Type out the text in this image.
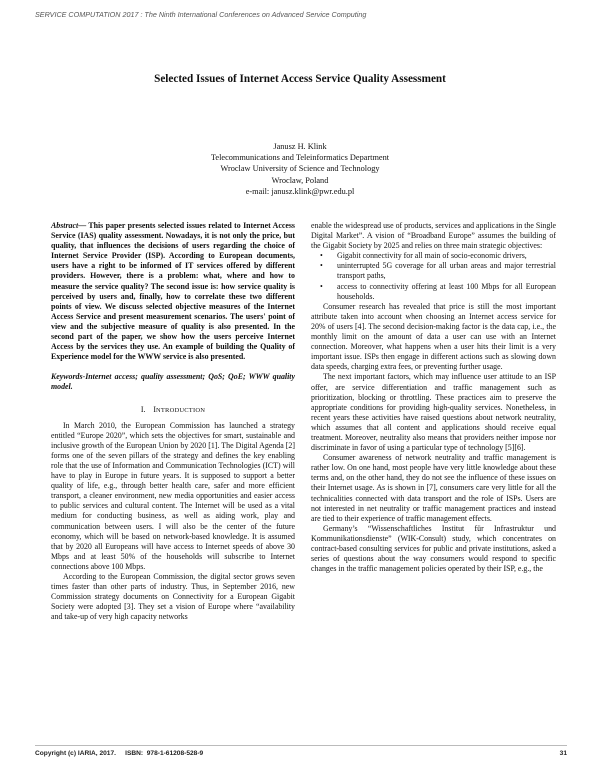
SERVICE COMPUTATION 2017 : The Ninth International Conferences on Advanced Service Computing
Selected Issues of Internet Access Service Quality Assessment
Janusz H. Klink
Telecommunications and Teleinformatics Department
Wroclaw University of Science and Technology
Wroclaw, Poland
e-mail: janusz.klink@pwr.edu.pl

Abstract— This paper presents selected issues related to Internet Access Service (IAS) quality assessment. Nowadays, it is not only the price, but quality, that influences the decisions of users regarding the choice of Internet Service Provider (ISP). According to European documents, users have a right to be informed of IT services offered by different providers. However, there is a problem: what, where and how to measure the service quality? The second issue is: how service quality is perceived by users and, finally, how to correlate these two different points of view. We discuss selected objective measures of the Internet Access Service and present measurement scenarios. The users' point of view and the subjective measure of quality is also presented. In the second part of the paper, we show how the users perceive Internet Access by the services they use. An example of building the Quality of Experience model for the WWW service is also presented.

Keywords-Internet access; quality assessment; QoS; QoE; WWW quality model.

I. INTRODUCTION

In March 2010, the European Commission has launched a strategy entitled “Europe 2020”, which sets the objectives for smart, sustainable and inclusive growth of the European Union by 2020 [1]. The Digital Agenda [2] forms one of the seven pillars of the strategy and defines the key enabling role that the use of Information and Communication Technologies (ICT) will have to play in Europe in future years. It is supposed to support a better quality of life, e.g., through better health care, safer and more efficient transport, a cleaner environment, new media opportunities and easier access to public services and cultural content. The Internet will be used as a vital medium for conducting business, as well as aiding work, play and communication between users. I will also be the center of the future economy, which will be based on network-based knowledge. It is assumed that by 2020 all Europeans will have access to Internet speeds of above 30 Mbps and at least 50% of the households will subscribe to Internet connections above 100 Mbps.

According to the European Commission, the digital sector grows seven times faster than other parts of industry. Thus, in September 2016, new Commission strategy documents on Connectivity for a European Gigabit Society were adopted [3]. They set a vision of Europe where “availability and take-up of very high capacity networks

enable the widespread use of products, services and applications in the Single Digital Market”. A vision of “Broadband Europe” assumes the building of the Gigabit Society by 2025 and relies on three main strategic objectives:

• Gigabit connectivity for all main of socio-economic drivers,
• uninterrupted 5G coverage for all urban areas and major terrestrial transport paths,
• access to connectivity offering at least 100 Mbps for all European households.

Consumer research has revealed that price is still the most important attribute taken into account when choosing an Internet access service for 20% of users [4]. The second decision-making factor is the data cap, i.e., the monthly limit on the amount of data a user can use with an Internet connection. Moreover, what happens when a user hits their limit is a very important issue. ISPs then engage in different actions such as slowing down data speeds, charging extra fees, or preventing further usage.

The next important factors, which may influence user attitude to an ISP offer, are service differentiation and traffic management such as prioritization, blocking or throttling. These practices aim to preserve the appropriate conditions for providing high-quality services. Nonetheless, in recent years these activities have raised questions about network neutrality, which assumes that all content and applications should receive equal treatment. Moreover, neutrality also means that providers neither impose nor discriminate in favor of using a particular type of technology [5][6].

Consumer awareness of network neutrality and traffic management is rather low. On one hand, most people have very little knowledge about these terms and, on the other hand, they do not see the influence of these issues on their Internet usage. As is shown in [7], consumers care very little for all the technicalities connected with data transport and the role of ISPs. Users are not interested in net neutrality or traffic management practices and instead are tied to their experience of traffic management effects.

Germany’s “Wissenschaftliches Institut für Infrastruktur und Kommunikationsdienste” (WIK-Consult) study, which concentrates on contract-based consulting services for public and private institutions, asked a series of questions about the way consumers would respond to specific changes in the traffic management policies operated by their ISP, e.g., the

Copyright (c) IARIA, 2017.     ISBN:  978-1-61208-528-9	31
